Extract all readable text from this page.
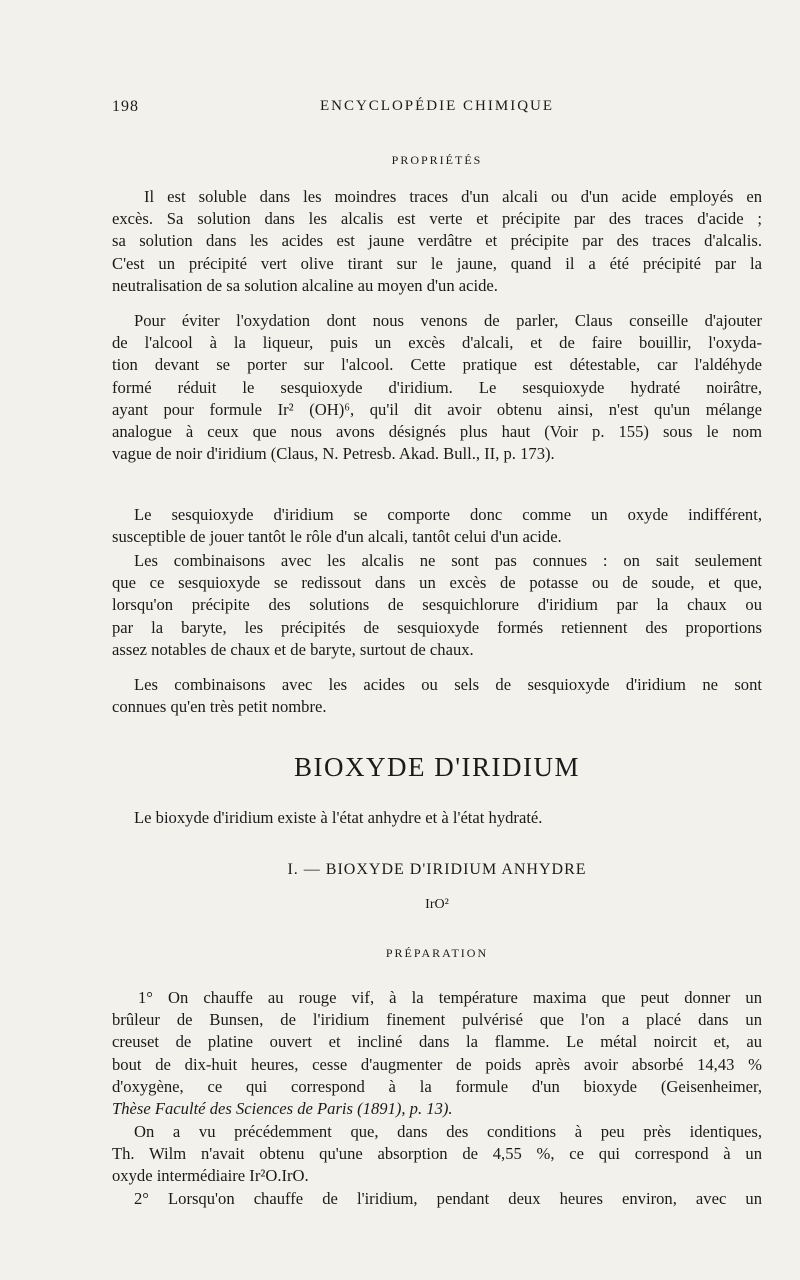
198	ENCYCLOPÉDIE CHIMIQUE
PROPRIÉTÉS

Il est soluble dans les moindres traces d'un alcali ou d'un acide employés en
excès. Sa solution dans les alcalis est verte et précipite par des traces d'acide ;
sa solution dans les acides est jaune verdâtre et précipite par des traces d'alcalis.
C'est un précipité vert olive tirant sur le jaune, quand il a été précipité par la
neutralisation de sa solution alcaline au moyen d'un acide.

Pour éviter l'oxydation dont nous venons de parler, Claus conseille d'ajouter
de l'alcool à la liqueur, puis un excès d'alcali, et de faire bouillir, l'oxyda-
tion devant se porter sur l'alcool. Cette pratique est détestable, car l'aldéhyde
formé réduit le sesquioxyde d'iridium. Le sesquioxyde hydraté noirâtre,
ayant pour formule Ir² (OH)⁶, qu'il dit avoir obtenu ainsi, n'est qu'un mélange
analogue à ceux que nous avons désignés plus haut (Voir p. 155) sous le nom
vague de noir d'iridium (Claus, N. Petresb. Akad. Bull., II, p. 173).

Le sesquioxyde d'iridium se comporte donc comme un oxyde indifférent,
susceptible de jouer tantôt le rôle d'un alcali, tantôt celui d'un acide.

Les combinaisons avec les alcalis ne sont pas connues : on sait seulement
que ce sesquioxyde se redissout dans un excès de potasse ou de soude, et que,
lorsqu'on précipite des solutions de sesquichlorure d'iridium par la chaux ou
par la baryte, les précipités de sesquioxyde formés retiennent des proportions
assez notables de chaux et de baryte, surtout de chaux.

Les combinaisons avec les acides ou sels de sesquioxyde d'iridium ne sont
connues qu'en très petit nombre.

BIOXYDE D'IRIDIUM

Le bioxyde d'iridium existe à l'état anhydre et à l'état hydraté.

I. — BIOXYDE D'IRIDIUM ANHYDRE
IrO²
PRÉPARATION

1° On chauffe au rouge vif, à la température maxima que peut donner un
brûleur de Bunsen, de l'iridium finement pulvérisé que l'on a placé dans un
creuset de platine ouvert et incliné dans la flamme. Le métal noircit et, au
bout de dix-huit heures, cesse d'augmenter de poids après avoir absorbé 14,43 %
d'oxygène, ce qui correspond à la formule d'un bioxyde (Geisenheimer,
Thèse Faculté des Sciences de Paris (1891), p. 13).

On a vu précédemment que, dans des conditions à peu près identiques,
Th. Wilm n'avait obtenu qu'une absorption de 4,55 %, ce qui correspond à un
oxyde intermédiaire Ir²O.IrO.

2° Lorsqu'on chauffe de l'iridium, pendant deux heures environ, avec un
